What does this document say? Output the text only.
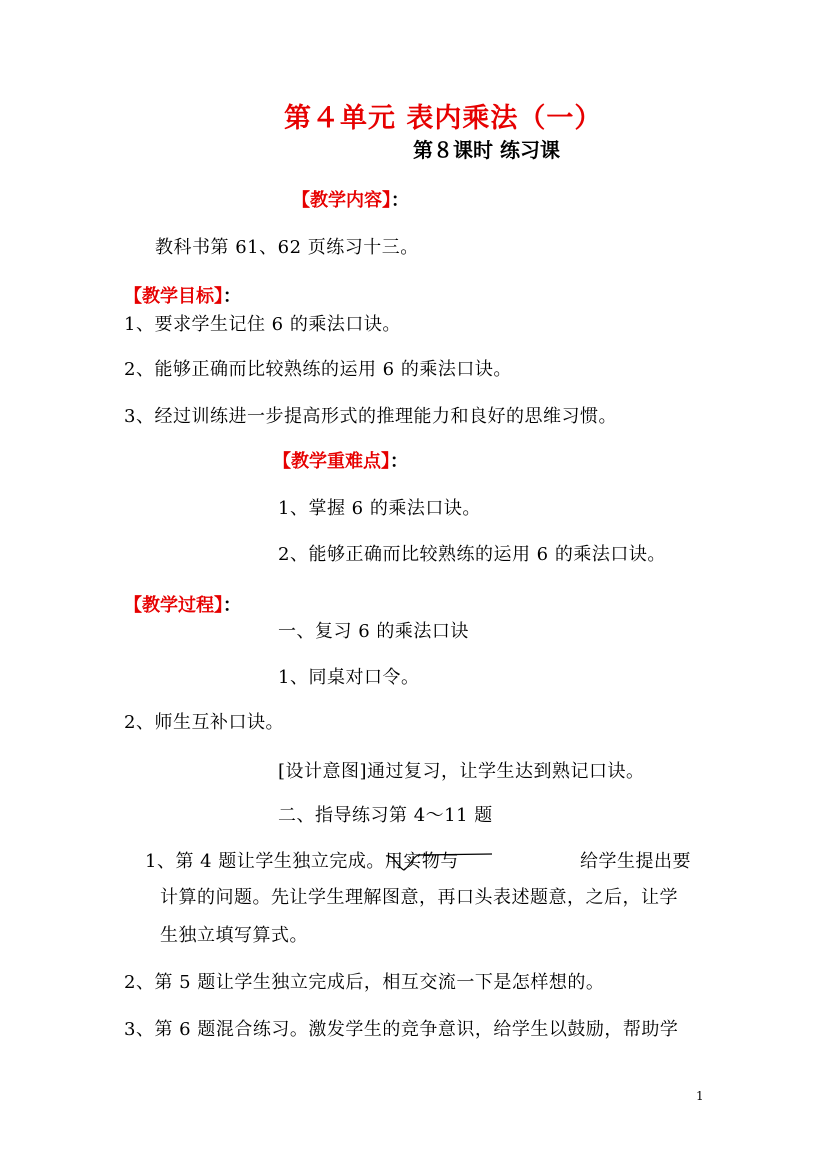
第４单元 表内乘法（一）
第８课时 练习课
【教学内容】：
教科书第 61、62 页练习十三。
【教学目标】：
1、要求学生记住 6 的乘法口诀。
2、能够正确而比较熟练的运用 6 的乘法口诀。
3、经过训练进一步提高形式的推理能力和良好的思维习惯。
【教学重难点】：
1、掌握 6 的乘法口诀。
2、能够正确而比较熟练的运用 6 的乘法口诀。
【教学过程】：
一、复习 6 的乘法口诀
1、同桌对口令。
2、师生互补口诀。
[设计意图]通过复习，让学生达到熟记口诀。
二、指导练习第 4～11 题
1、第 4 题让学生独立完成。用实物与	给学生提出要
计算的问题。先让学生理解图意，再口头表述题意，之后，让学
生独立填写算式。
2、第 5 题让学生独立完成后，相互交流一下是怎样想的。
3、第 6 题混合练习。激发学生的竞争意识，给学生以鼓励，帮助学
1
